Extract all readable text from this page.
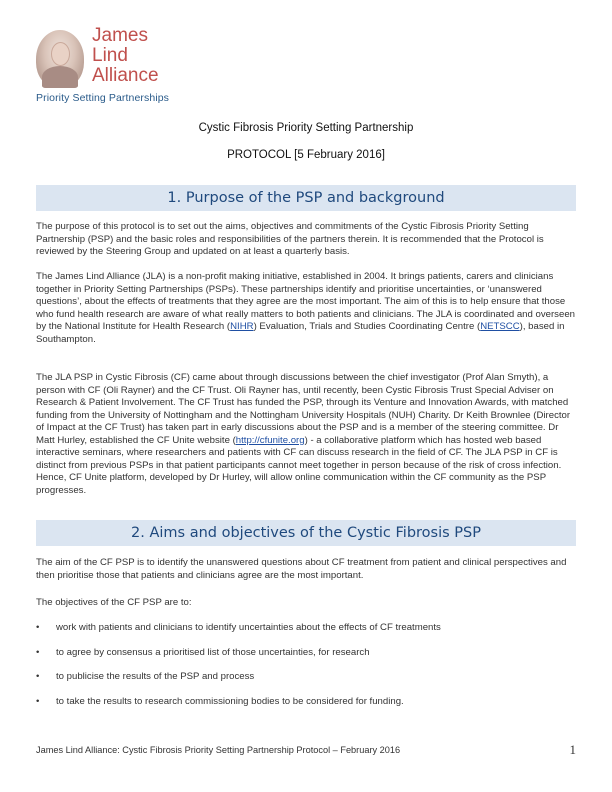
James
Lind
Alliance
Priority Setting Partnerships
Cystic Fibrosis Priority Setting Partnership
PROTOCOL [5 February 2016]
1. Purpose of the PSP and background

The purpose of this protocol is to set out the aims, objectives and commitments of the Cystic Fibrosis Priority Setting Partnership (PSP) and the basic roles and responsibilities of the partners therein. It is recommended that the Protocol is reviewed by the Steering Group and updated on at least a quarterly basis.

The James Lind Alliance (JLA) is a non-profit making initiative, established in 2004. It brings patients, carers and clinicians together in Priority Setting Partnerships (PSPs). These partnerships identify and prioritise uncertainties, or ‘unanswered questions’, about the effects of treatments that they agree are the most important. The aim of this is to help ensure that those who fund health research are aware of what really matters to both patients and clinicians. The JLA is coordinated and overseen by the National Institute for Health Research (NIHR) Evaluation, Trials and Studies Coordinating Centre (NETSCC), based in Southampton.

The JLA PSP in Cystic Fibrosis (CF) came about through discussions between the chief investigator (Prof Alan Smyth), a person with CF (Oli Rayner) and the CF Trust. Oli Rayner has, until recently, been Cystic Fibrosis Trust Special Adviser on Research & Patient Involvement. The CF Trust has funded the PSP, through its Venture and Innovation Awards, with matched funding from the University of Nottingham and the Nottingham University Hospitals (NUH) Charity. Dr Keith Brownlee (Director of Impact at the CF Trust) has taken part in early discussions about the PSP and is a member of the steering committee. Dr Matt Hurley, established the CF Unite website (http://cfunite.org) - a collaborative platform which has hosted web based interactive seminars, where researchers and patients with CF can discuss research in the field of CF. The JLA PSP in CF is distinct from previous PSPs in that patient participants cannot meet together in person because of the risk of cross infection. Hence, CF Unite platform, developed by Dr Hurley, will allow online communication within the CF community as the PSP progresses.

2. Aims and objectives of the Cystic Fibrosis PSP

The aim of the CF PSP is to identify the unanswered questions about CF treatment from patient and clinical perspectives and then prioritise those that patients and clinicians agree are the most important.

The objectives of the CF PSP are to:

• work with patients and clinicians to identify uncertainties about the effects of CF treatments
• to agree by consensus a prioritised list of those uncertainties, for research
• to publicise the results of the PSP and process
• to take the results to research commissioning bodies to be considered for funding.
James Lind Alliance: Cystic Fibrosis Priority Setting Partnership Protocol – February 2016	1
